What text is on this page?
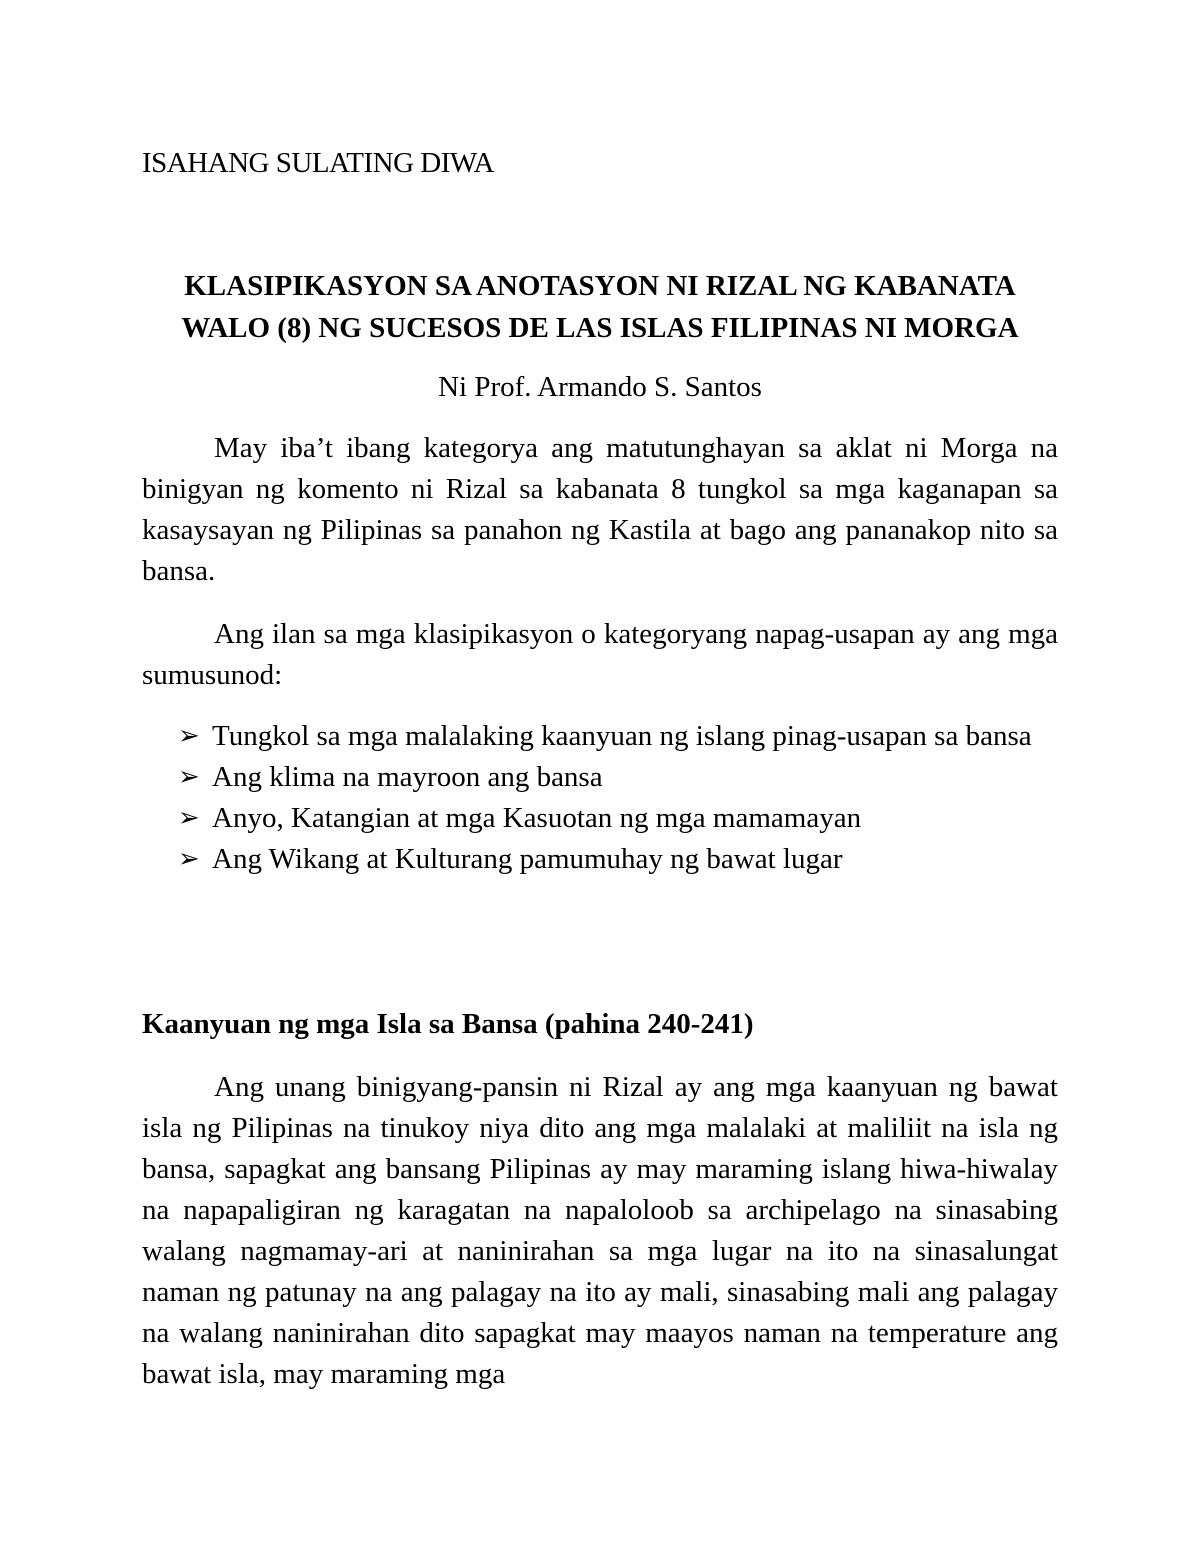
ISAHANG SULATING DIWA

KLASIPIKASYON SA ANOTASYON NI RIZAL NG KABANATA
WALO (8) NG SUCESOS DE LAS ISLAS FILIPINAS NI MORGA

Ni Prof. Armando S. Santos

May iba’t ibang kategorya ang matutunghayan sa aklat ni Morga na binigyan ng komento ni Rizal sa kabanata 8 tungkol sa mga kaganapan sa kasaysayan ng Pilipinas sa panahon ng Kastila at bago ang pananakop nito sa bansa.

Ang ilan sa mga klasipikasyon o kategoryang napag-usapan ay ang mga sumusunod:

➢ Tungkol sa mga malalaking kaanyuan ng islang pinag-usapan sa bansa
➢ Ang klima na mayroon ang bansa
➢ Anyo, Katangian at mga Kasuotan ng mga mamamayan
➢ Ang Wikang at Kulturang pamumuhay ng bawat lugar
Kaanyuan ng mga Isla sa Bansa (pahina 240-241)

Ang unang binigyang-pansin ni Rizal ay ang mga kaanyuan ng bawat isla ng Pilipinas na tinukoy niya dito ang mga malalaki at maliliit na isla ng bansa, sapagkat ang bansang Pilipinas ay may maraming islang hiwa-hiwalay na napapaligiran ng karagatan na napaloloob sa archipelago na sinasabing walang nagmamay-ari at naninirahan sa mga lugar na ito na sinasalungat naman ng patunay na ang palagay na ito ay mali, sinasabing mali ang palagay na walang naninirahan dito sapagkat may maayos naman na temperature ang bawat isla, may maraming mga
